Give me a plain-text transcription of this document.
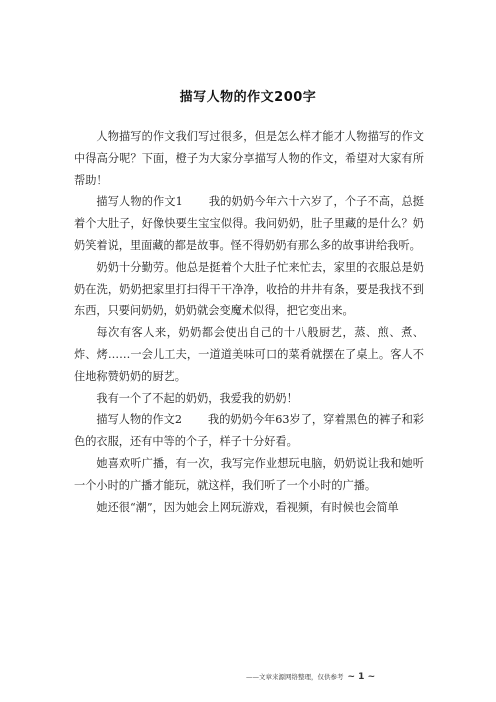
描写人物的作文200字

人物描写的作文我们写过很多，但是怎么样才能才人物描写的作文中得高分呢？下面，橙子为大家分享描写人物的作文，希望对大家有所帮助！

描写人物的作文1 我的奶奶今年六十六岁了，个子不高，总挺着个大肚子，好像快要生宝宝似得。我问奶奶，肚子里藏的是什么？奶奶笑着说，里面藏的都是故事。怪不得奶奶有那么多的故事讲给我听。

奶奶十分勤劳。他总是挺着个大肚子忙来忙去，家里的衣服总是奶奶在洗，奶奶把家里打扫得干干净净，收拾的井井有条，要是我找不到东西，只要问奶奶，奶奶就会变魔术似得，把它变出来。

每次有客人来，奶奶都会使出自己的十八般厨艺，蒸、煎、煮、炸、烤……一会儿工夫，一道道美味可口的菜肴就摆在了桌上。客人不住地称赞奶奶的厨艺。

我有一个了不起的奶奶，我爱我的奶奶！

描写人物的作文2 我的奶奶今年63岁了，穿着黑色的裤子和彩色的衣服，还有中等的个子，样子十分好看。

她喜欢听广播，有一次，我写完作业想玩电脑，奶奶说让我和她听一个小时的广播才能玩，就这样，我们听了一个小时的广播。

她还很“潮”，因为她会上网玩游戏，看视频，有时候也会简单

——文章来源网络整理，仅供参考 ~ 1 ~
